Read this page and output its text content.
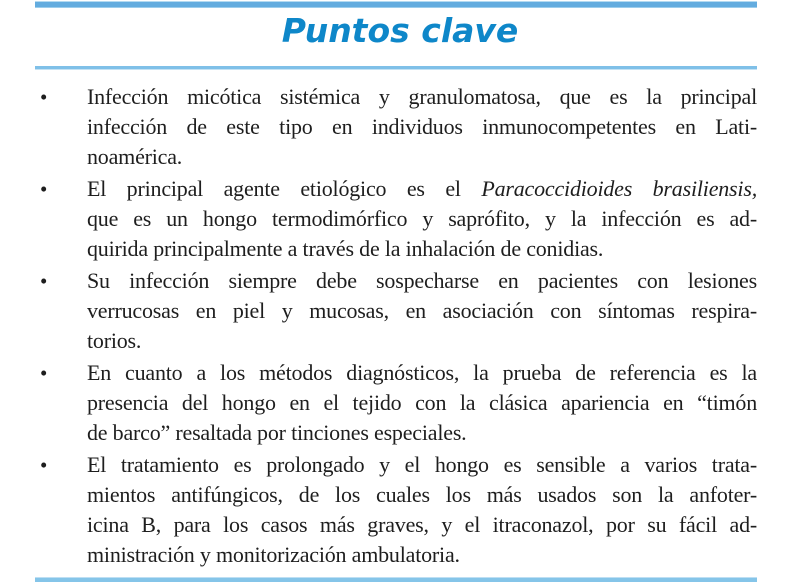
Puntos clave
•	Infección micótica sistémica y granulomatosa, que es la principal
infección de este tipo en individuos inmunocompetentes en Lati-
noamérica.
•	El principal agente etiológico es el Paracoccidioides brasiliensis,
que es un hongo termodimórfico y saprófito, y la infección es ad-
quirida principalmente a través de la inhalación de conidias.
•	Su infección siempre debe sospecharse en pacientes con lesiones
verrucosas en piel y mucosas, en asociación con síntomas respira-
torios.
•	En cuanto a los métodos diagnósticos, la prueba de referencia es la
presencia del hongo en el tejido con la clásica apariencia en “timón
de barco” resaltada por tinciones especiales.
•	El tratamiento es prolongado y el hongo es sensible a varios trata-
mientos antifúngicos, de los cuales los más usados son la anfoter-
icina B, para los casos más graves, y el itraconazol, por su fácil ad-
ministración y monitorización ambulatoria.
